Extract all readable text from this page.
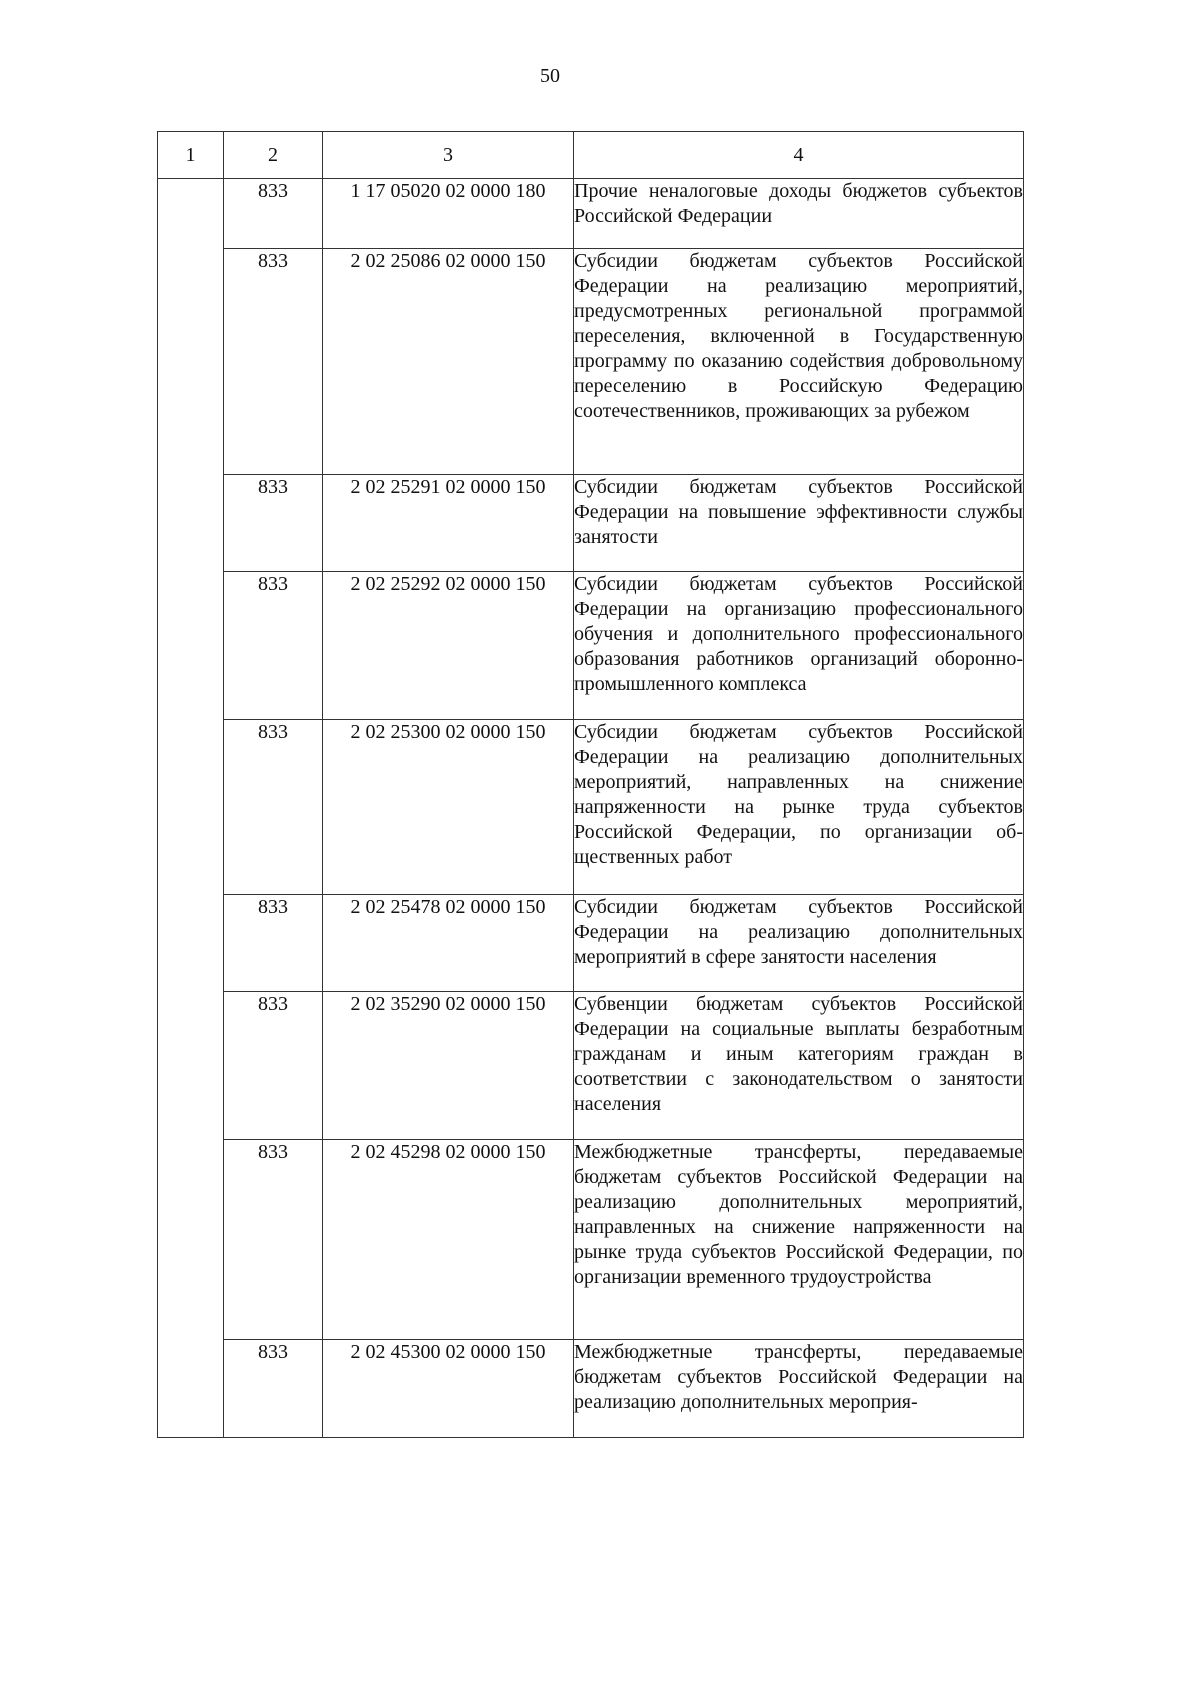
50
1	2	3	4
	833	1 17 05020 02 0000 180	Прочие неналоговые доходы бюджетов субъектов Российской Федерации
	833	2 02 25086 02 0000 150	Субсидии бюджетам субъектов Российской Федерации на реализацию мероприятий, предусмотренных региональной программой переселения, включенной в Государственную программу по оказанию содействия добровольному переселению в Российскую Федерацию соотечественников, проживающих за рубежом
	833	2 02 25291 02 0000 150	Субсидии бюджетам субъектов Российской Федерации на повышение эффективности службы занятости
	833	2 02 25292 02 0000 150	Субсидии бюджетам субъектов Российской Федерации на организацию профессионального обучения и дополнительного профессионального образования работников организаций оборонно-промышленного комплекса
	833	2 02 25300 02 0000 150	Субсидии бюджетам субъектов Российской Федерации на реализацию дополнительных мероприятий, направленных на снижение напряженности на рынке труда субъектов Российской Федерации, по организации общественных работ
	833	2 02 25478 02 0000 150	Субсидии бюджетам субъектов Российской Федерации на реализацию дополнительных мероприятий в сфере занятости населения
	833	2 02 35290 02 0000 150	Субвенции бюджетам субъектов Российской Федерации на социальные выплаты безработным гражданам и иным категориям граждан в соответствии с законодательством о занятости населения
	833	2 02 45298 02 0000 150	Межбюджетные трансферты, передаваемые бюджетам субъектов Российской Федерации на реализацию дополнительных мероприятий, направленных на снижение напряженности на рынке труда субъектов Российской Федерации, по организации временного трудоустройства
	833	2 02 45300 02 0000 150	Межбюджетные трансферты, передаваемые бюджетам субъектов Российской Федерации на реализацию дополнительных мероприя-
